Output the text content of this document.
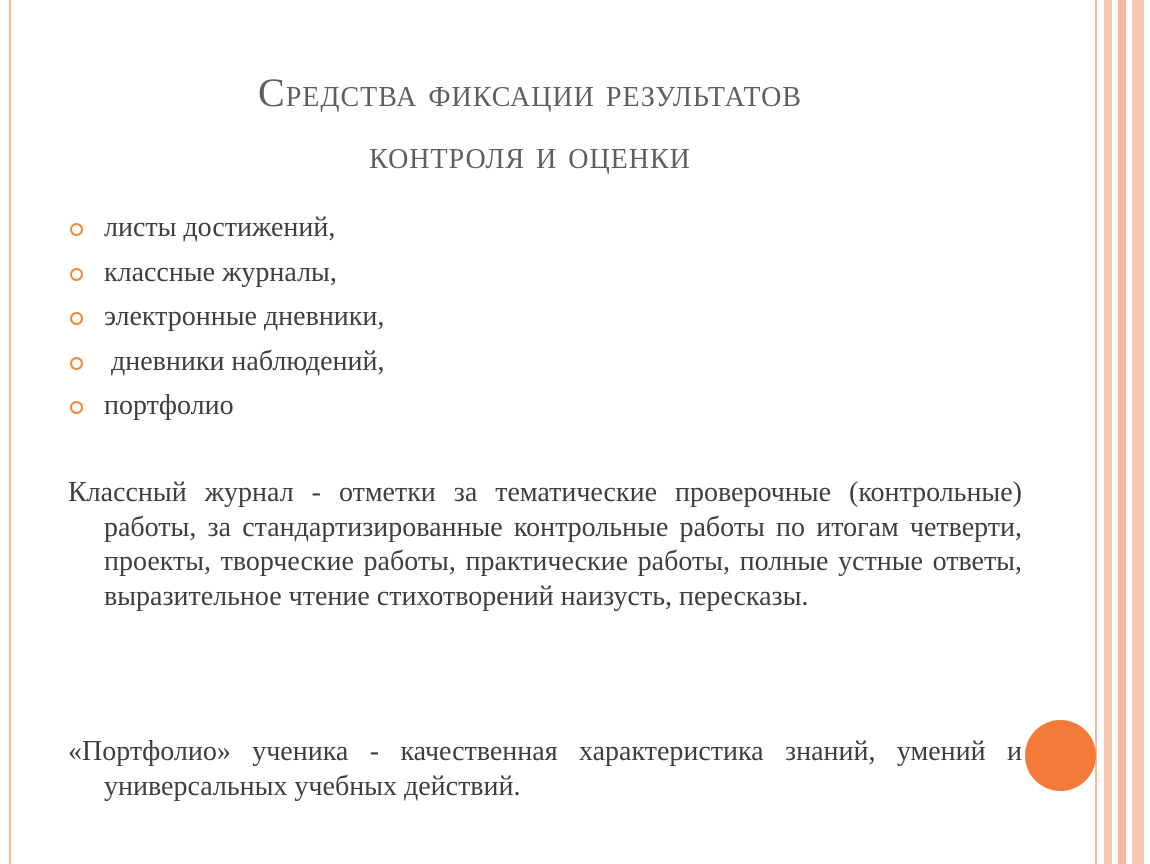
Средства фиксации результатов
контроля и оценки
листы достижений,
классные журналы,
электронные дневники,
дневники наблюдений,
портфолио

Классный журнал - отметки за тематические проверочные (контрольные) работы, за стандартизированные контрольные работы по итогам четверти, проекты, творческие работы, практические работы, полные устные ответы, выразительное чтение стихотворений наизусть, пересказы.

«Портфолио» ученика - качественная характеристика знаний, умений и универсальных учебных действий.
